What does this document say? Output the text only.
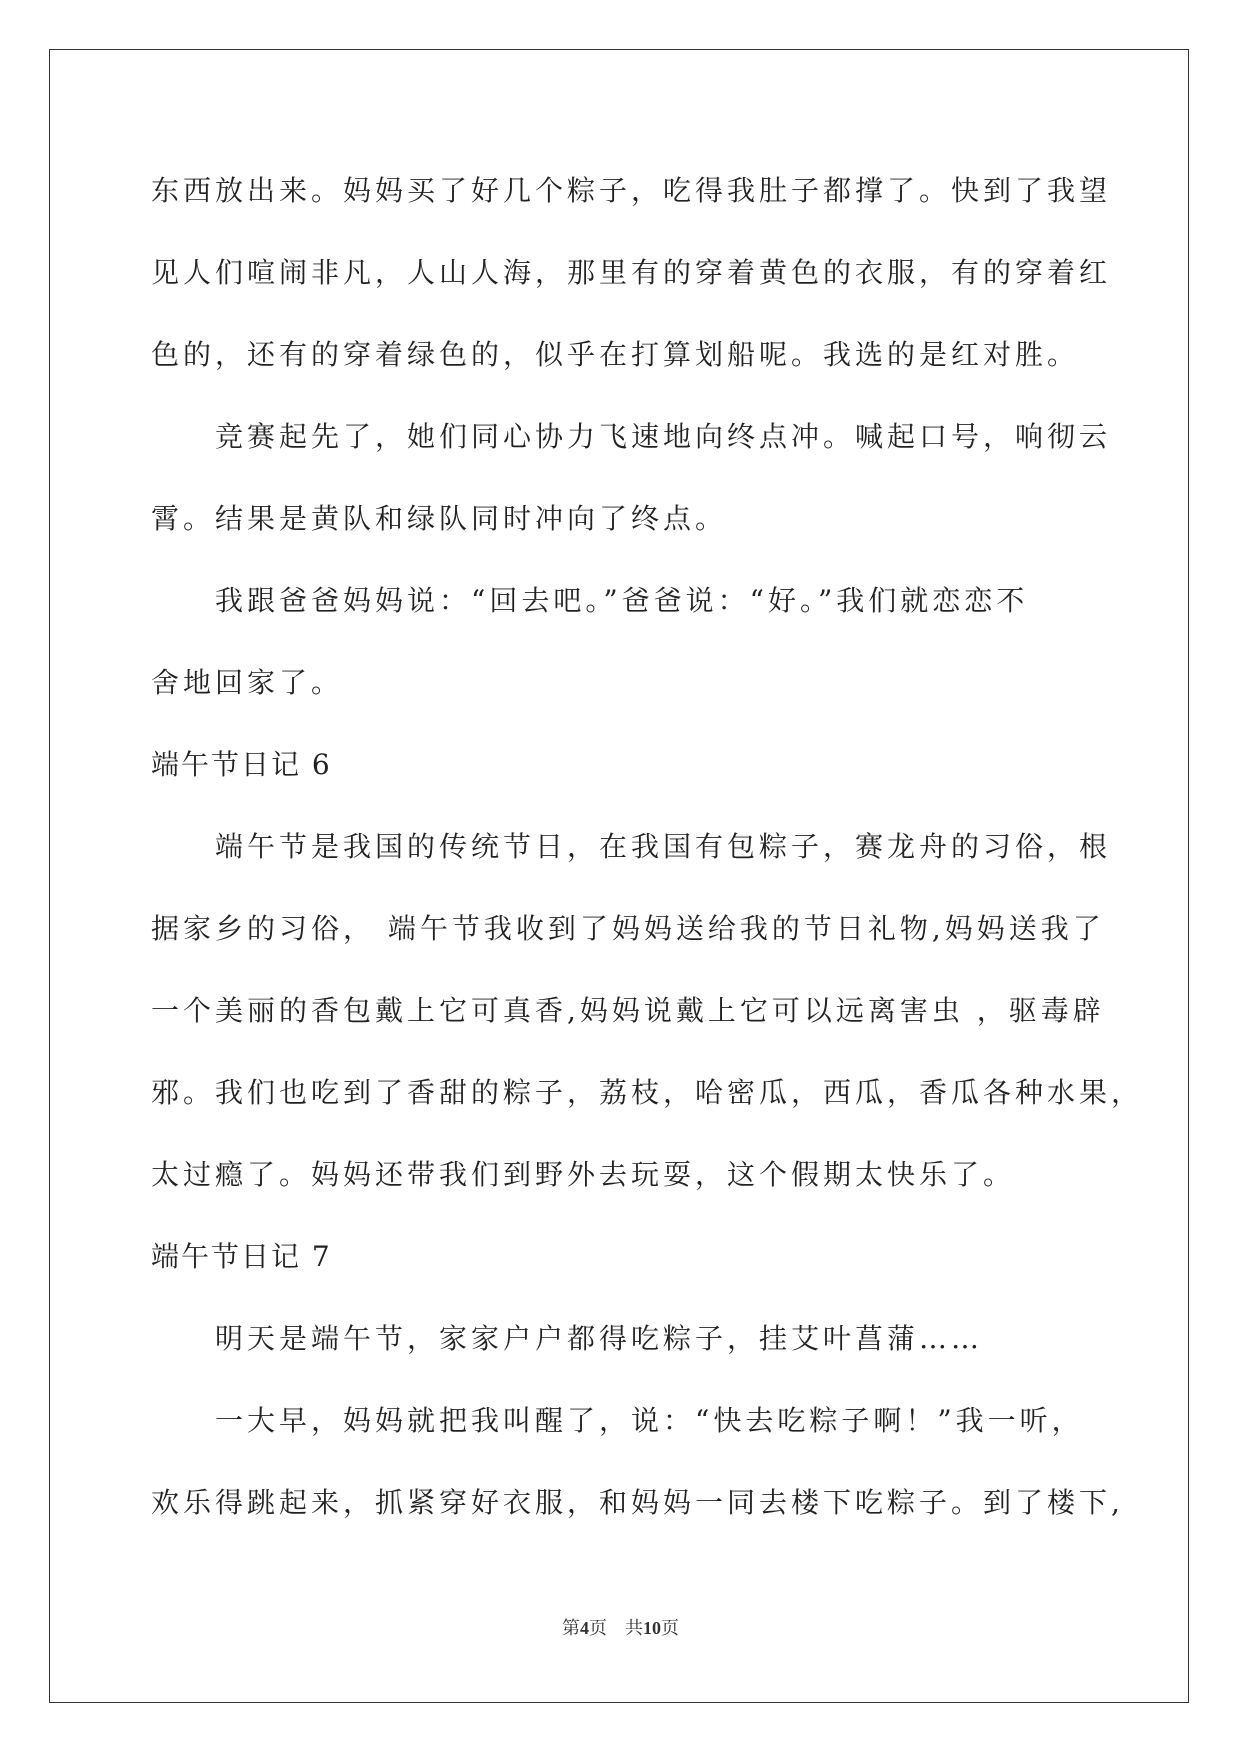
东西放出来。妈妈买了好几个粽子，吃得我肚子都撑了。快到了我望
见人们喧闹非凡，人山人海，那里有的穿着黄色的衣服，有的穿着红
色的，还有的穿着绿色的，似乎在打算划船呢。我选的是红对胜。
竞赛起先了，她们同心协力飞速地向终点冲。喊起口号，响彻云
霄。结果是黄队和绿队同时冲向了终点。
我跟爸爸妈妈说：“回去吧。”爸爸说：“好。”我们就恋恋不
舍地回家了。
端午节日记 6
端午节是我国的传统节日，在我国有包粽子，赛龙舟的习俗，根
据家乡的习俗， 端午节我收到了妈妈送给我的节日礼物,妈妈送我了
一个美丽的香包戴上它可真香,妈妈说戴上它可以远离害虫 ，驱毒辟
邪。我们也吃到了香甜的粽子，荔枝，哈密瓜，西瓜，香瓜各种水果，
太过瘾了。妈妈还带我们到野外去玩耍，这个假期太快乐了。
端午节日记 7
明天是端午节，家家户户都得吃粽子，挂艾叶菖蒲……
一大早，妈妈就把我叫醒了，说：“快去吃粽子啊！”我一听，
欢乐得跳起来，抓紧穿好衣服，和妈妈一同去楼下吃粽子。到了楼下,
第4页 共10页
